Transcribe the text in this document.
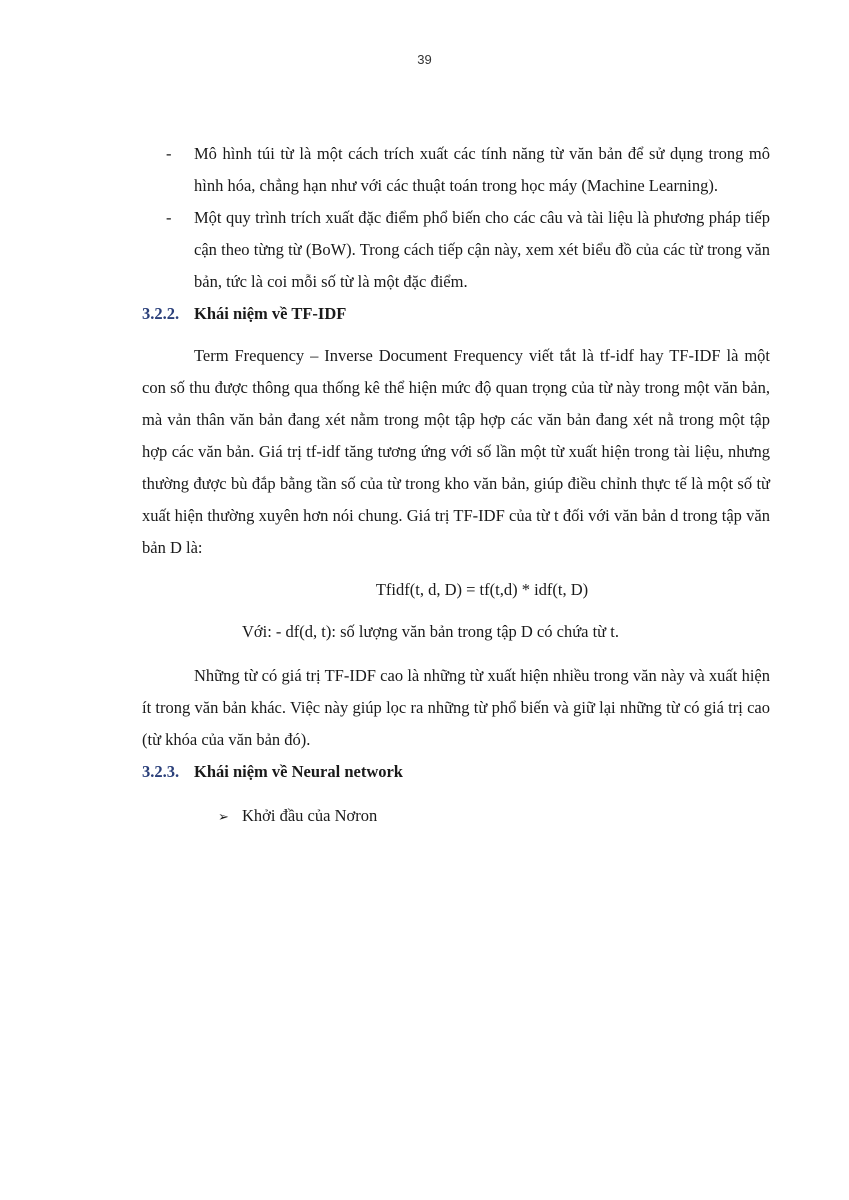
39
- Mô hình túi từ là một cách trích xuất các tính năng từ văn bản để sử dụng trong mô hình hóa, chẳng hạn như với các thuật toán trong học máy (Machine Learning).
- Một quy trình trích xuất đặc điểm phổ biến cho các câu và tài liệu là phương pháp tiếp cận theo từng từ (BoW). Trong cách tiếp cận này, xem xét biểu đồ của các từ trong văn bản, tức là coi mỗi số từ là một đặc điểm.
3.2.2. Khái niệm về TF-IDF
Term Frequency – Inverse Document Frequency viết tắt là tf-idf hay TF-IDF là một con số thu được thông qua thống kê thể hiện mức độ quan trọng của từ này trong một văn bản, mà vản thân văn bản đang xét nằm trong một tập hợp các văn bản đang xét nằ trong một tập hợp các văn bản. Giá trị tf-idf tăng tương ứng với số lần một từ xuất hiện trong tài liệu, nhưng thường được bù đắp bằng tần số của từ trong kho văn bản, giúp điều chỉnh thực tế là một số từ xuất hiện thường xuyên hơn nói chung. Giá trị TF-IDF của từ t đối với văn bản d trong tập văn bản D là:
Tfidf(t, d, D) = tf(t,d) * idf(t, D)
Với: - df(d, t): số lượng văn bản trong tập D có chứa từ t.
Những từ có giá trị TF-IDF cao là những từ xuất hiện nhiều trong văn này và xuất hiện ít trong văn bản khác. Việc này giúp lọc ra những từ phổ biến và giữ lại những từ có giá trị cao (từ khóa của văn bản đó).
3.2.3. Khái niệm về Neural network
➢ Khởi đầu của Nơron
